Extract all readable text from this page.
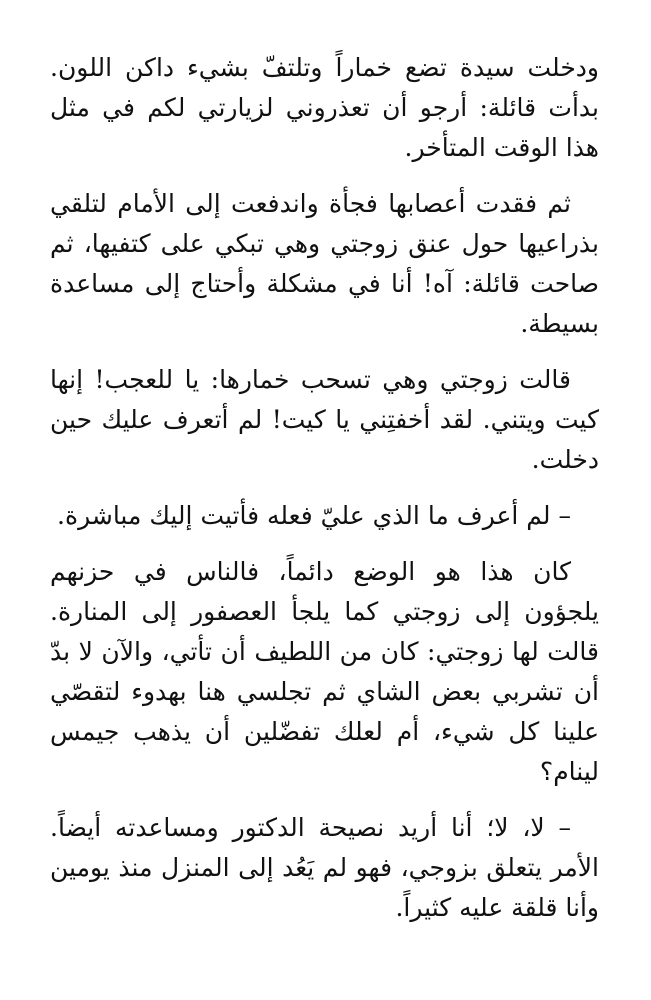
ودخلت سيدة تضع خماراً وتلتفّ بشيء داكن اللون. بدأت قائلة: أرجو أن تعذروني لزيارتي لكم في مثل هذا الوقت المتأخر.

ثم فقدت أعصابها فجأة واندفعت إلى الأمام لتلقي بذراعيها حول عنق زوجتي وهي تبكي على كتفيها، ثم صاحت قائلة: آه! أنا في مشكلة وأحتاج إلى مساعدة بسيطة.

قالت زوجتي وهي تسحب خمارها: يا للعجب! إنها كيت ويتني. لقد أخفتِني يا كيت! لم أتعرف عليك حين دخلت.

– لم أعرف ما الذي عليّ فعله فأتيت إليك مباشرة.

كان هذا هو الوضع دائماً، فالناس في حزنهم يلجؤون إلى زوجتي كما يلجأ العصفور إلى المنارة. قالت لها زوجتي: كان من اللطيف أن تأتي، والآن لا بدّ أن تشربي بعض الشاي ثم تجلسي هنا بهدوء لتقصّي علينا كل شيء، أم لعلك تفضّلين أن يذهب جيمس لينام؟

– لا، لا؛ أنا أريد نصيحة الدكتور ومساعدته أيضاً. الأمر يتعلق بزوجي، فهو لم يَعُد إلى المنزل منذ يومين وأنا قلقة عليه كثيراً.
